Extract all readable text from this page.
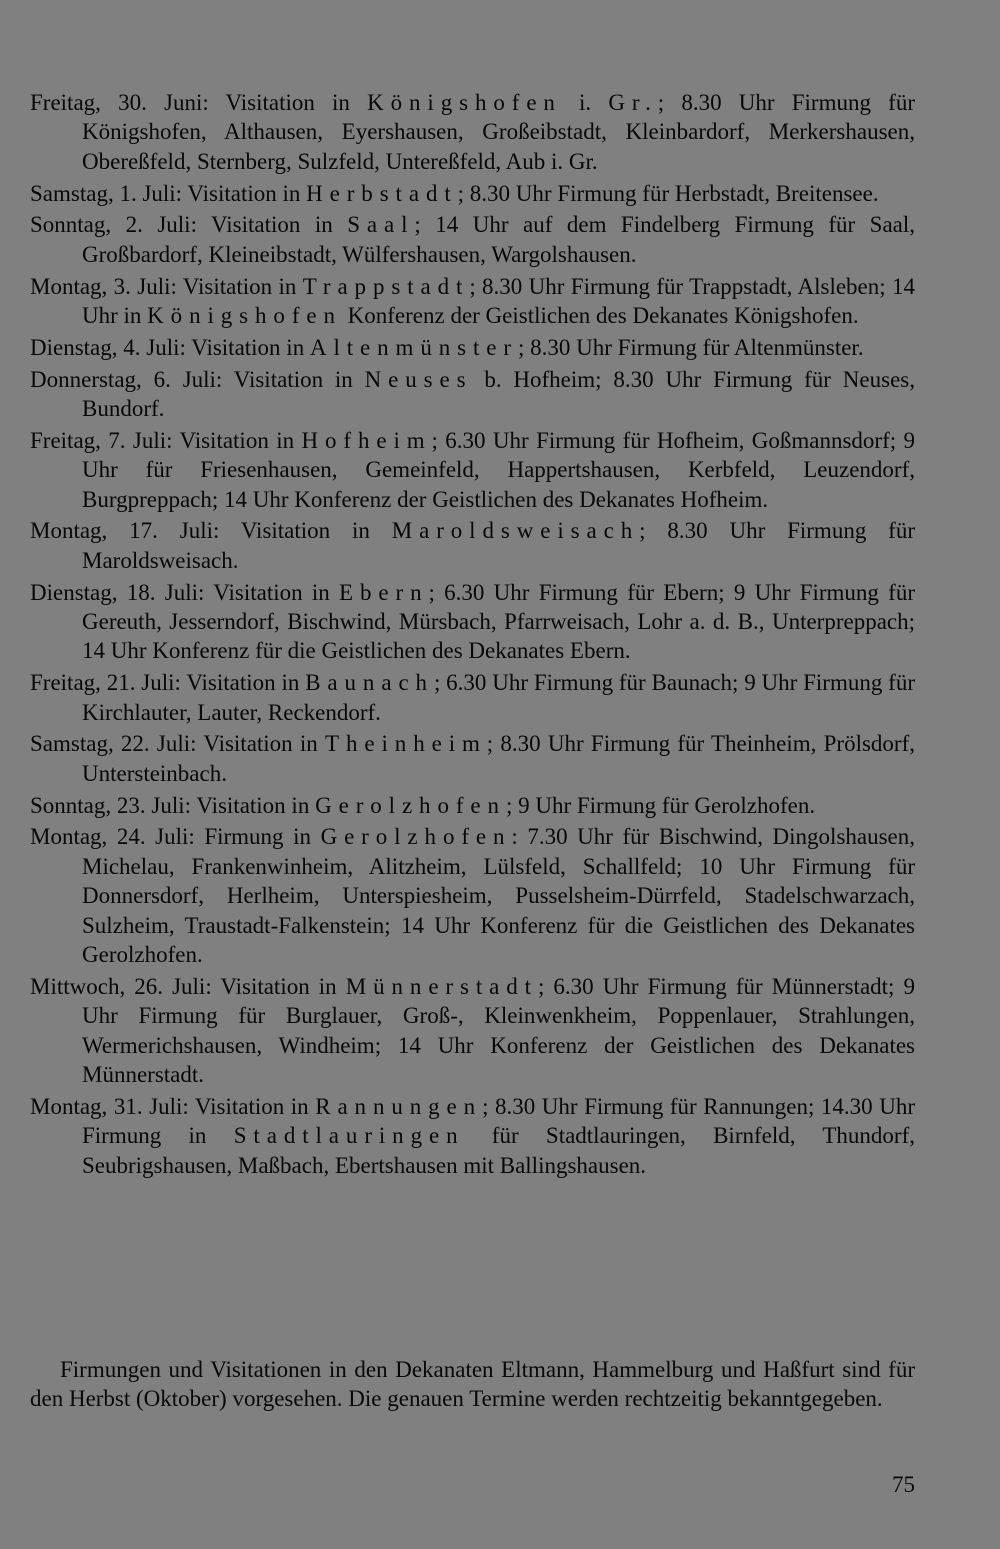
Freitag, 30. Juni: Visitation in Königshofen i. Gr.; 8.30 Uhr Firmung für Königshofen, Althausen, Eyershausen, Großeibstadt, Kleinbardorf, Merkershausen, Obereßfeld, Sternberg, Sulzfeld, Untereßfeld, Aub i. Gr.

Samstag, 1. Juli: Visitation in Herbstadt; 8.30 Uhr Firmung für Herbstadt, Breitensee.

Sonntag, 2. Juli: Visitation in Saal; 14 Uhr auf dem Findelberg Firmung für Saal, Großbardorf, Kleineibstadt, Wülfershausen, Wargolshausen.

Montag, 3. Juli: Visitation in Trappstadt; 8.30 Uhr Firmung für Trappstadt, Alsleben; 14 Uhr in Königshofen Konferenz der Geistlichen des Dekanates Königshofen.

Dienstag, 4. Juli: Visitation in Altenmünster; 8.30 Uhr Firmung für Altenmünster.

Donnerstag, 6. Juli: Visitation in Neuses b. Hofheim; 8.30 Uhr Firmung für Neuses, Bundorf.

Freitag, 7. Juli: Visitation in Hofheim; 6.30 Uhr Firmung für Hofheim, Goßmannsdorf; 9 Uhr für Friesenhausen, Gemeinfeld, Happertshausen, Kerbfeld, Leuzendorf, Burgpreppach; 14 Uhr Konferenz der Geistlichen des Dekanates Hofheim.

Montag, 17. Juli: Visitation in Maroldsweisach; 8.30 Uhr Firmung für Maroldsweisach.

Dienstag, 18. Juli: Visitation in Ebern; 6.30 Uhr Firmung für Ebern; 9 Uhr Firmung für Gereuth, Jesserndorf, Bischwind, Mürsbach, Pfarrweisach, Lohr a. d. B., Unterpreppach; 14 Uhr Konferenz für die Geistlichen des Dekanates Ebern.

Freitag, 21. Juli: Visitation in Baunach; 6.30 Uhr Firmung für Baunach; 9 Uhr Firmung für Kirchlauter, Lauter, Reckendorf.

Samstag, 22. Juli: Visitation in Theinheim; 8.30 Uhr Firmung für Theinheim, Prölsdorf, Untersteinbach.

Sonntag, 23. Juli: Visitation in Gerolzhofen; 9 Uhr Firmung für Gerolzhofen.

Montag, 24. Juli: Firmung in Gerolzhofen: 7.30 Uhr für Bischwind, Dingolshausen, Michelau, Frankenwinheim, Alitzheim, Lülsfeld, Schallfeld; 10 Uhr Firmung für Donnersdorf, Herlheim, Unterspiesheim, Pusselsheim-Dürrfeld, Stadelschwarzach, Sulzheim, Traustadt-Falkenstein; 14 Uhr Konferenz für die Geistlichen des Dekanates Gerolzhofen.

Mittwoch, 26. Juli: Visitation in Münnerstadt; 6.30 Uhr Firmung für Münnerstadt; 9 Uhr Firmung für Burglauer, Groß-, Kleinwenkheim, Poppenlauer, Strahlungen, Wermerichshausen, Windheim; 14 Uhr Konferenz der Geistlichen des Dekanates Münnerstadt.

Montag, 31. Juli: Visitation in Rannungen; 8.30 Uhr Firmung für Rannungen; 14.30 Uhr Firmung in Stadtlauringen für Stadtlauringen, Birnfeld, Thundorf, Seubrigshausen, Maßbach, Ebertshausen mit Ballingshausen.

Firmungen und Visitationen in den Dekanaten Eltmann, Hammelburg und Haßfurt sind für den Herbst (Oktober) vorgesehen. Die genauen Termine werden rechtzeitig bekanntgegeben.

75
